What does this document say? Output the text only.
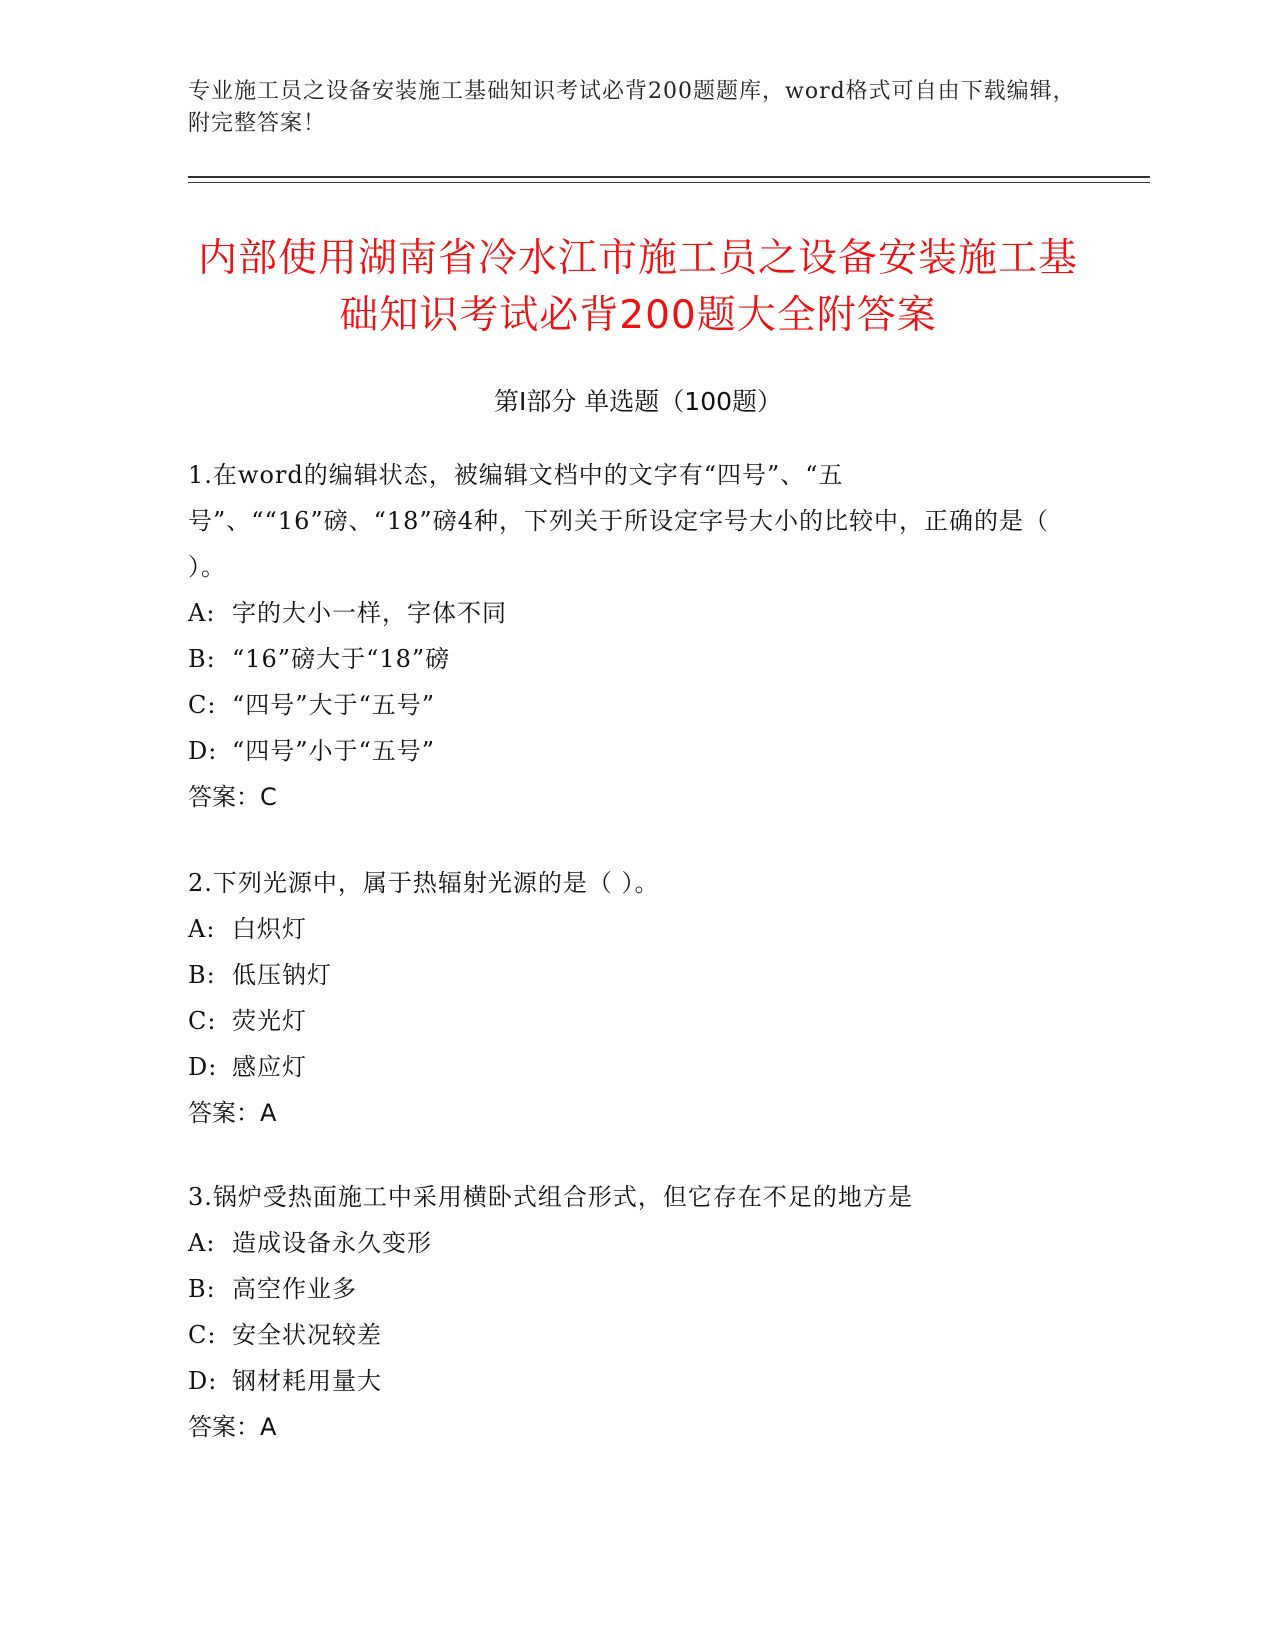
专业施工员之设备安装施工基础知识考试必背200题题库，word格式可自由下载编辑，附完整答案！
内部使用湖南省冷水江市施工员之设备安装施工基础知识考试必背200题大全附答案
第Ⅰ部分 单选题（100题）

1.在word的编辑状态，被编辑文档中的文字有“四号”、“五号”、““16”磅、“18”磅4种，下列关于所设定字号大小的比较中，正确的是（ ）。

A: 字的大小一样，字体不同

B: “16”磅大于“18”磅

C: “四号”大于“五号”

D: “四号”小于“五号”

答案：C

2.下列光源中，属于热辐射光源的是（ ）。

A: 白炽灯

B: 低压钠灯

C: 荧光灯

D: 感应灯

答案：A

3.锅炉受热面施工中采用横卧式组合形式，但它存在不足的地方是

A: 造成设备永久变形

B: 高空作业多

C: 安全状况较差

D: 钢材耗用量大

答案：A
